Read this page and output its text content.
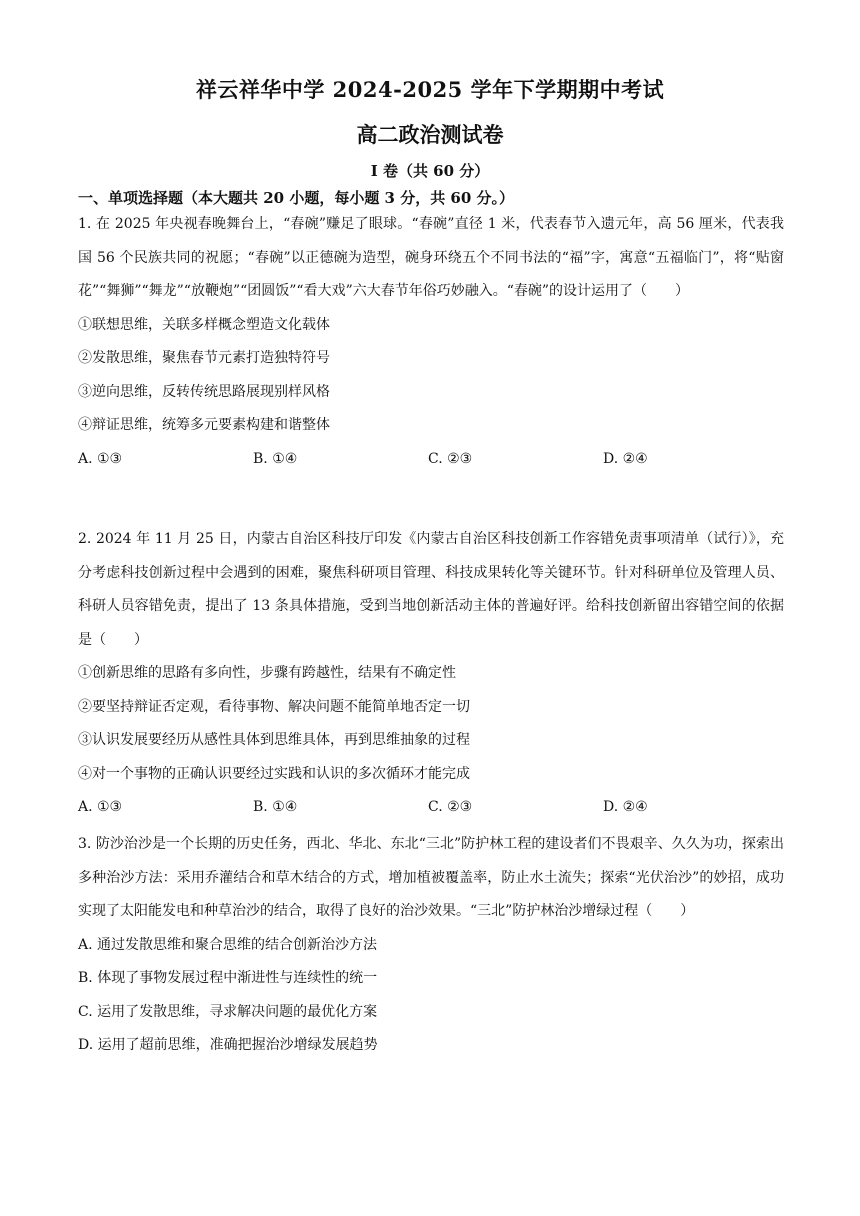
祥云祥华中学 2024-2025 学年下学期期中考试
高二政治测试卷
I 卷（共 60 分）
一、单项选择题（本大题共 20 小题，每小题 3 分，共 60 分。）

1. 在 2025 年央视春晚舞台上，“春碗”赚足了眼球。“春碗”直径 1 米，代表春节入遗元年，高 56 厘米，代表我国 56 个民族共同的祝愿；“春碗”以正德碗为造型，碗身环绕五个不同书法的“福”字，寓意“五福临门”，将“贴窗花”“舞狮”“舞龙”“放鞭炮”“团圆饭”“看大戏”六大春节年俗巧妙融入。“春碗”的设计运用了（　　）

①联想思维，关联多样概念塑造文化载体

②发散思维，聚焦春节元素打造独特符号

③逆向思维，反转传统思路展现别样风格

④辩证思维，统筹多元要素构建和谐整体

A. ①③	B. ①④	C. ②③	D. ②④

2. 2024 年 11 月 25 日，内蒙古自治区科技厅印发《内蒙古自治区科技创新工作容错免责事项清单（试行）》，充分考虑科技创新过程中会遇到的困难，聚焦科研项目管理、科技成果转化等关键环节。针对科研单位及管理人员、科研人员容错免责，提出了 13 条具体措施，受到当地创新活动主体的普遍好评。给科技创新留出容错空间的依据是（　　）

①创新思维的思路有多向性，步骤有跨越性，结果有不确定性

②要坚持辩证否定观，看待事物、解决问题不能简单地否定一切

③认识发展要经历从感性具体到思维具体，再到思维抽象的过程

④对一个事物的正确认识要经过实践和认识的多次循环才能完成

A. ①③	B. ①④	C. ②③	D. ②④

3. 防沙治沙是一个长期的历史任务，西北、华北、东北“三北”防护林工程的建设者们不畏艰辛、久久为功，探索出多种治沙方法：采用乔灌结合和草木结合的方式，增加植被覆盖率，防止水土流失；探索“光伏治沙”的妙招，成功实现了太阳能发电和种草治沙的结合，取得了良好的治沙效果。“三北”防护林治沙增绿过程（　　）

A. 通过发散思维和聚合思维的结合创新治沙方法

B. 体现了事物发展过程中渐进性与连续性的统一

C. 运用了发散思维，寻求解决问题的最优化方案

D. 运用了超前思维，准确把握治沙增绿发展趋势
